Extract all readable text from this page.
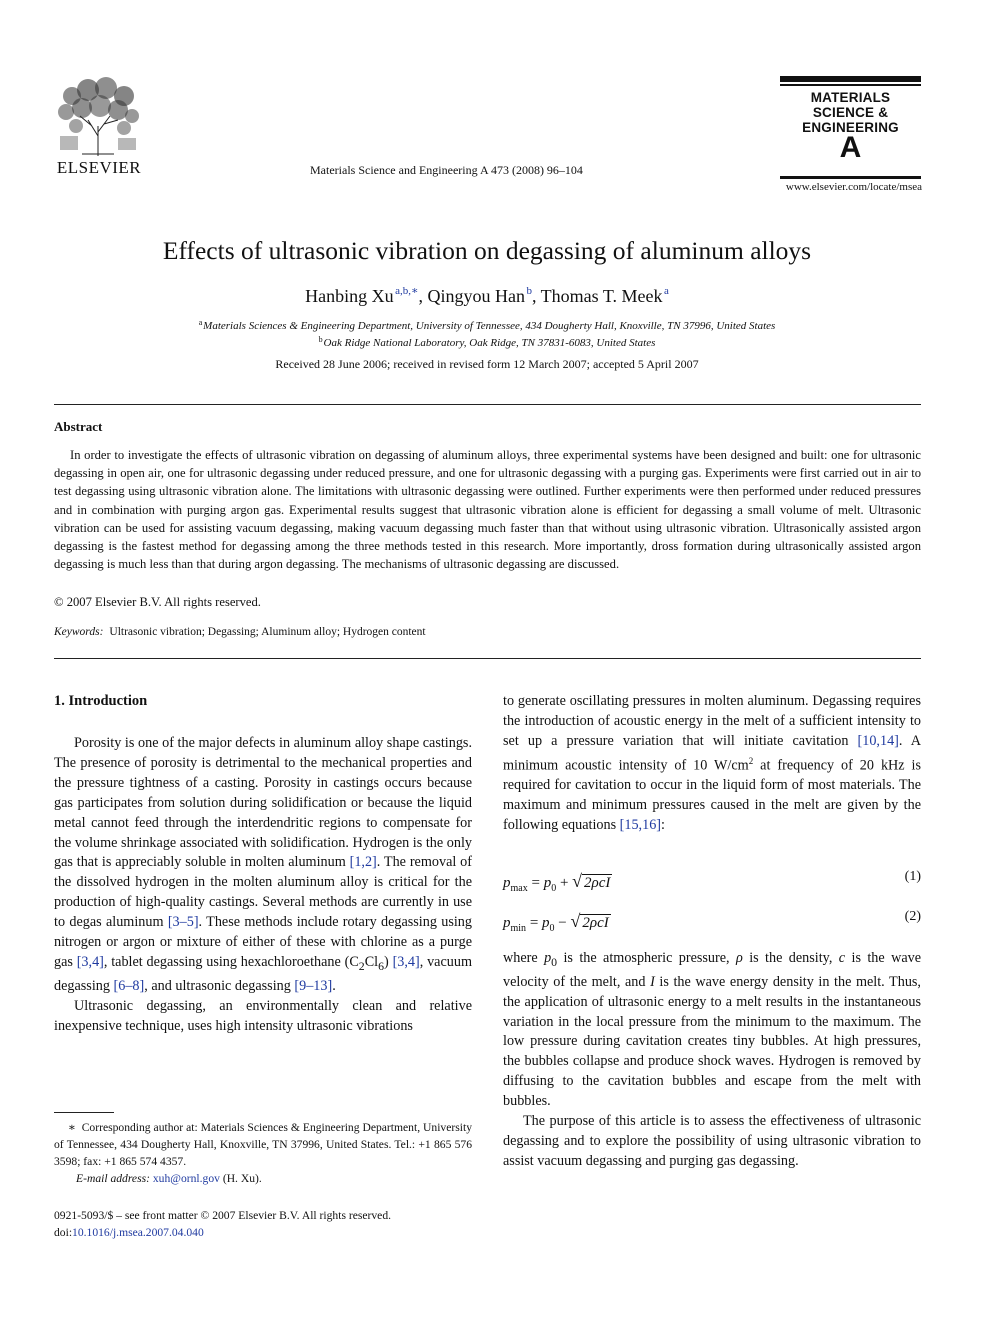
ELSEVIER	Materials Science and Engineering A 473 (2008) 96–104
MATERIALS
SCIENCE &
ENGINEERING
A
www.elsevier.com/locate/msea
Effects of ultrasonic vibration on degassing of aluminum alloys
Hanbing Xu  $^{a,b,∗}$, Qingyou Han  $^b$, Thomas T. Meek  $^a$
$^a$ Materials Sciences & Engineering Department, University of Tennessee, 434 Dougherty Hall, Knoxville, TN 37996, United States
$^b$ Oak Ridge National Laboratory, Oak Ridge, TN 37831-6083, United States
Received 28 June 2006; received in revised form 12 March 2007; accepted 5 April 2007
Abstract
In order to investigate the effects of ultrasonic vibration on degassing of aluminum alloys, three experimental systems have been designed and built: one for ultrasonic degassing in open air, one for ultrasonic degassing under reduced pressure, and one for ultrasonic degassing with a purging gas. Experiments were first carried out in air to test degassing using ultrasonic vibration alone. The limitations with ultrasonic degassing were outlined. Further experiments were then performed under reduced pressures and in combination with purging argon gas. Experimental results suggest that ultrasonic vibration alone is efficient for degassing a small volume of melt. Ultrasonic vibration can be used for assisting vacuum degassing, making vacuum degassing much faster than that without using ultrasonic vibration. Ultrasonically assisted argon degassing is the fastest method for degassing among the three methods tested in this research. More importantly, dross formation during ultrasonically assisted argon degassing is much less than that during argon degassing. The mechanisms of ultrasonic degassing are discussed.
© 2007 Elsevier B.V. All rights reserved.
Keywords: Ultrasonic vibration; Degassing; Aluminum alloy; Hydrogen content
1. Introduction

Porosity is one of the major defects in aluminum alloy shape castings. The presence of porosity is detrimental to the mechanical properties and the pressure tightness of a casting. Porosity in castings occurs because gas participates from solution during solidification or because the liquid metal cannot feed through the interdendritic regions to compensate for the volume shrinkage associated with solidification. Hydrogen is the only gas that is appreciably soluble in molten aluminum [1,2]. The removal of the dissolved hydrogen in the molten aluminum alloy is critical for the production of high-quality castings. Several methods are currently in use to degas aluminum [3–5]. These methods include rotary degassing using nitrogen or argon or mixture of either of these with chlorine as a purge gas [3,4], tablet degassing using hexachloroethane $(C_2Cl_6)$ [3,4], vacuum degassing [6–8], and ultrasonic degassing [9–13].

Ultrasonic degassing, an environmentally clean and relative inexpensive technique, uses high intensity ultrasonic vibrations

to generate oscillating pressures in molten aluminum. Degassing requires the introduction of acoustic energy in the melt of a sufficient intensity to set up a pressure variation that will initiate cavitation [10,14]. A minimum acoustic intensity of 10 $W/cm^2$ at frequency of 20 kHz is required for cavitation to occur in the liquid form of most materials. The maximum and minimum pressures caused in the melt are given by the following equations [15,16]:

$p_{max}$  = $p_0$ + √ 2ρcI	(1)
$p_{min}$  = $p_0$ − √ 2ρcI	(2)

where $p_0$ is the atmospheric pressure, ρ is the density, c is the wave velocity of the melt, and I is the wave energy density in the melt. Thus, the application of ultrasonic energy to a melt results in the instantaneous variation in the local pressure from the minimum to the maximum. The low pressure during cavitation creates tiny bubbles. At high pressures, the bubbles collapse and produce shock waves. Hydrogen is removed by diffusing to the cavitation bubbles and escape from the melt with bubbles.

The purpose of this article is to assess the effectiveness of ultrasonic degassing and to explore the possibility of using ultrasonic vibration to assist vacuum degassing and purging gas degassing.

∗  Corresponding author at: Materials Sciences & Engineering Department, University of Tennessee, 434 Dougherty Hall, Knoxville, TN 37996, United States. Tel.: +1 865 576 3598; fax: +1 865 574 4357.
E-mail address: xuh@ornl.gov (H. Xu).
0921-5093/$ – see front matter © 2007 Elsevier B.V. All rights reserved.
doi:10.1016/j.msea.2007.04.040
